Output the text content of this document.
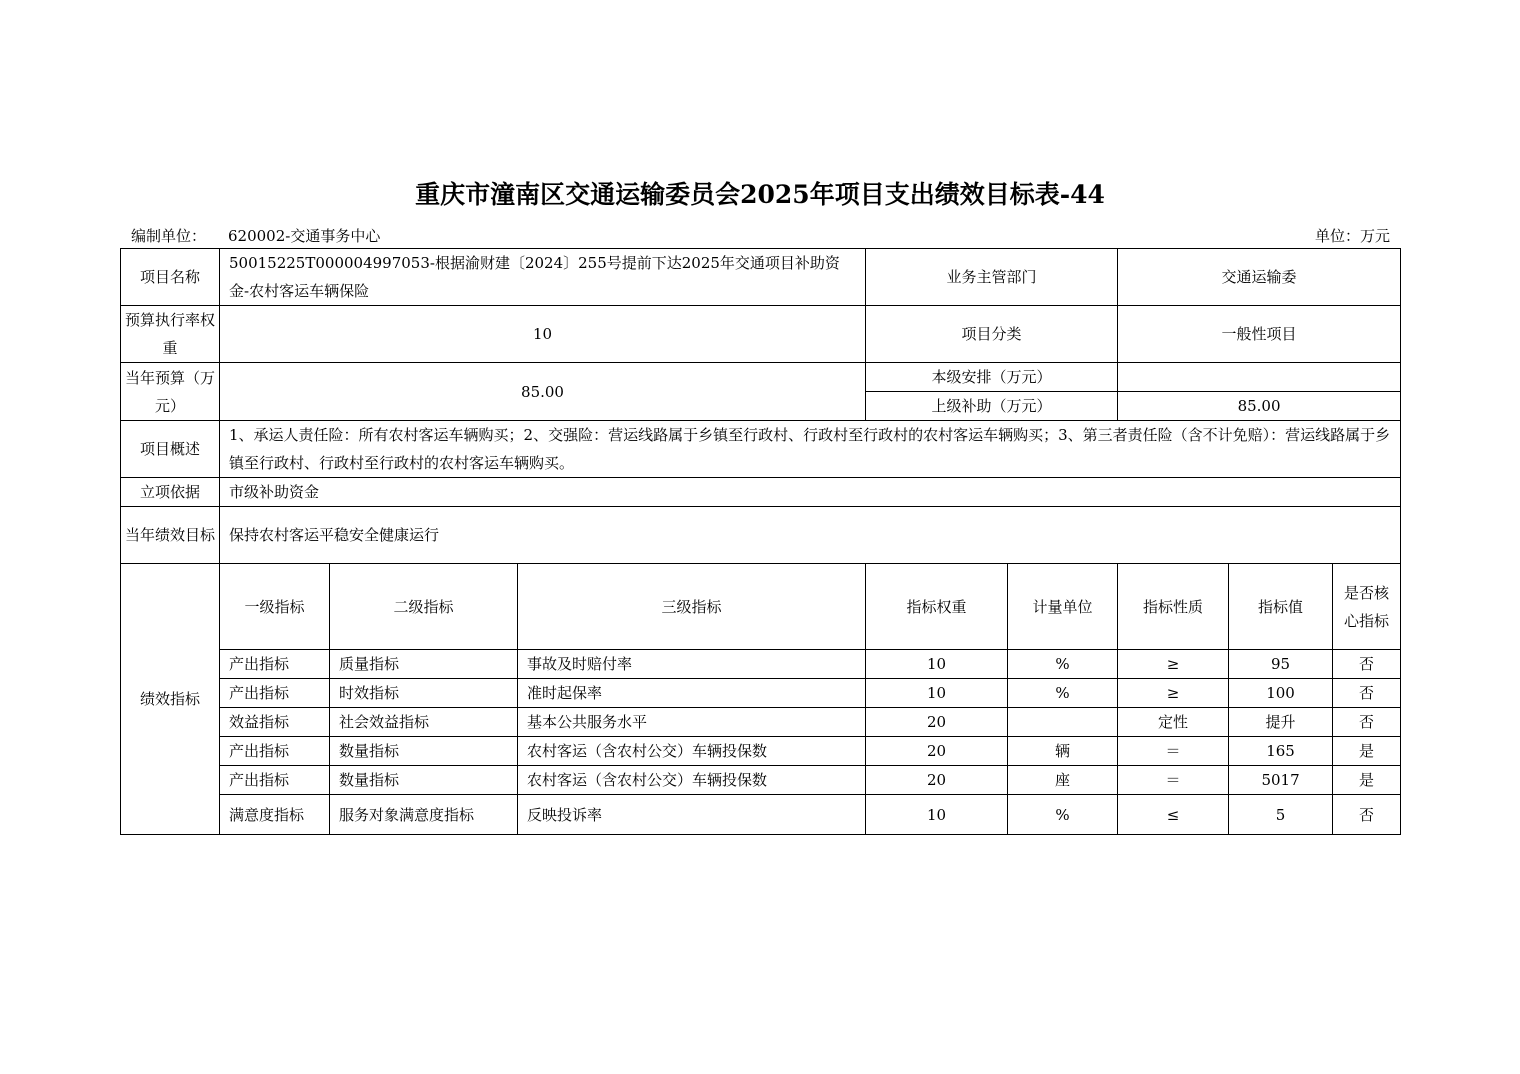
重庆市潼南区交通运输委员会2025年项目支出绩效目标表-44
编制单位： 620002-交通事务中心	单位：万元
项目名称	50015225T000004997053-根据渝财建〔2024〕255号提前下达2025年交通项目补助资金-农村客运车辆保险			业务主管部门		交通运输委		
预算执行率权重	10			项目分类		一般性项目		
当年预算（万元）	85.00			本级安排（万元）				
				上级补助（万元）		85.00		
项目概述	1、承运人责任险：所有农村客运车辆购买；2、交强险：营运线路属于乡镇至行政村、行政村至行政村的农村客运车辆购买；3、第三者责任险（含不计免赔）：营运线路属于乡镇至行政村、行政村至行政村的农村客运车辆购买。							
立项依据	市级补助资金							
当年绩效目标	保持农村客运平稳安全健康运行							
绩效指标	一级指标	二级指标	三级指标	指标权重	计量单位	指标性质	指标值	是否核心指标
	产出指标	质量指标	事故及时赔付率	10	%	≥	95	否
	产出指标	时效指标	准时起保率	10	%	≥	100	否
	效益指标	社会效益指标	基本公共服务水平	20		定性	提升	否
	产出指标	数量指标	农村客运（含农村公交）车辆投保数	20	辆	＝	165	是
	产出指标	数量指标	农村客运（含农村公交）车辆投保数	20	座	＝	5017	是
	满意度指标	服务对象满意度指标	反映投诉率	10	%	≤	5	否
